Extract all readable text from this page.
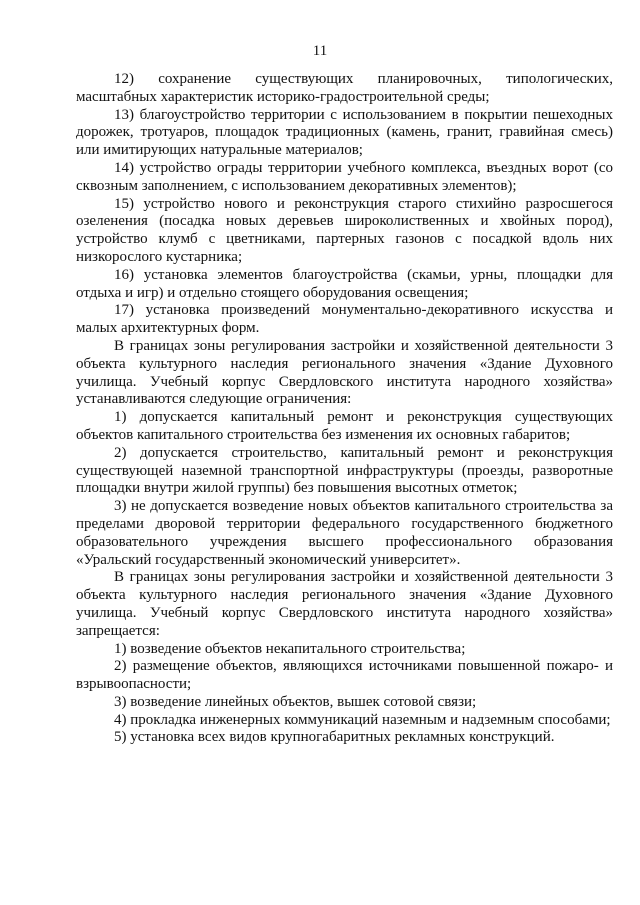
11

12) сохранение существующих планировочных, типологических, масштабных характеристик историко-градостроительной среды;

13) благоустройство территории с использованием в покрытии пешеходных дорожек, тротуаров, площадок традиционных (камень, гранит, гравийная смесь) или имитирующих натуральные материалов;

14) устройство ограды территории учебного комплекса, въездных ворот (со сквозным заполнением, с использованием декоративных элементов);

15) устройство нового и реконструкция старого стихийно разросшегося озеленения (посадка новых деревьев широколиственных и хвойных пород), устройство клумб с цветниками, партерных газонов с посадкой вдоль них низкорослого кустарника;

16) установка элементов благоустройства (скамьи, урны, площадки для отдыха и игр) и отдельно стоящего оборудования освещения;

17) установка произведений монументально-декоративного искусства и малых архитектурных форм.

В границах зоны регулирования застройки и хозяйственной деятельности 3 объекта культурного наследия регионального значения «Здание Духовного училища. Учебный корпус Свердловского института народного хозяйства» устанавливаются следующие ограничения:

1) допускается капитальный ремонт и реконструкция существующих объектов капитального строительства без изменения их основных габаритов;

2) допускается строительство, капитальный ремонт и реконструкция существующей наземной транспортной инфраструктуры (проезды, разворотные площадки внутри жилой группы) без повышения высотных отметок;

3) не допускается возведение новых объектов капитального строительства за пределами дворовой территории федерального государственного бюджетного образовательного учреждения высшего профессионального образования «Уральский государственный экономический университет».

В границах зоны регулирования застройки и хозяйственной деятельности 3 объекта культурного наследия регионального значения «Здание Духовного училища. Учебный корпус Свердловского института народного хозяйства» запрещается:

1) возведение объектов некапитального строительства;

2) размещение объектов, являющихся источниками повышенной пожаро- и взрывоопасности;

3) возведение линейных объектов, вышек сотовой связи;

4) прокладка инженерных коммуникаций наземным и надземным способами;

5) установка всех видов крупногабаритных рекламных конструкций.
